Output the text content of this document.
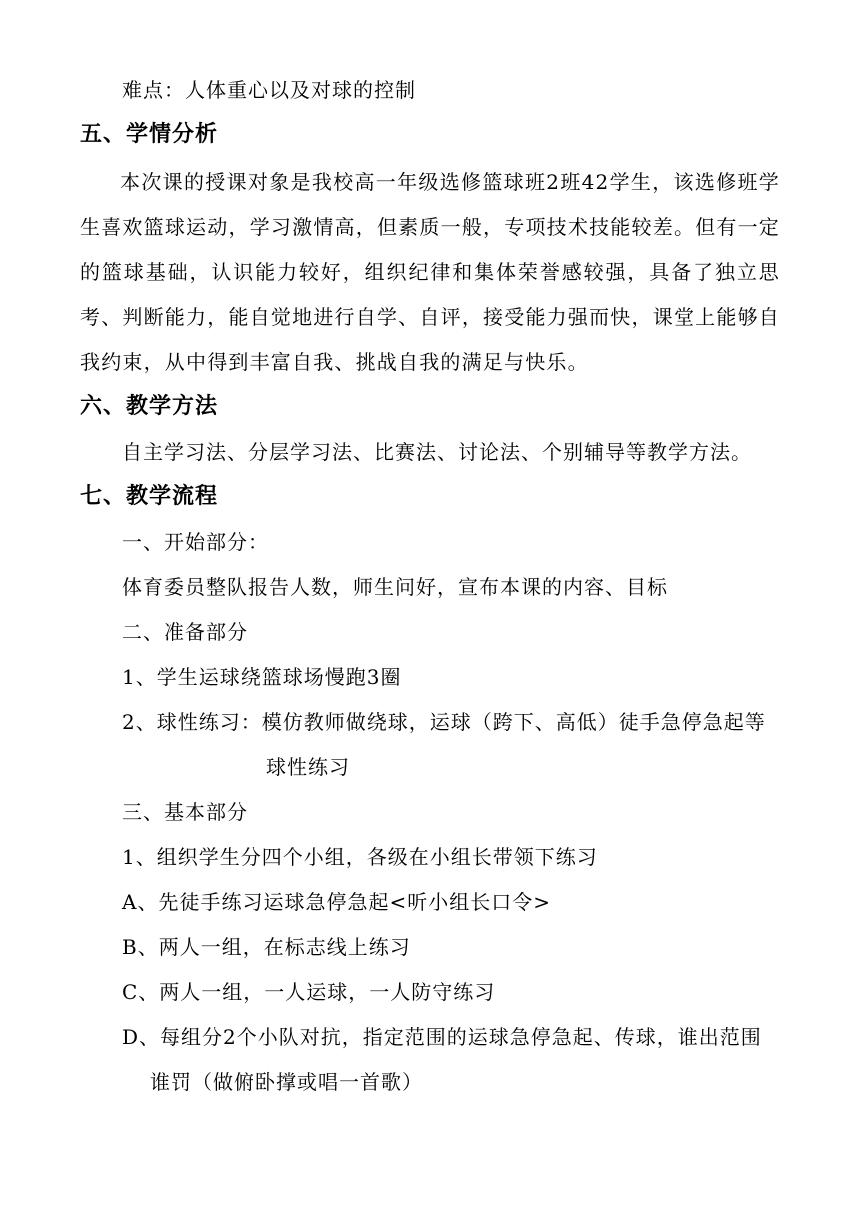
难点：人体重心以及对球的控制
五、学情分析
本次课的授课对象是我校高一年级选修篮球班2班42学生，该选修班学生喜欢篮球运动，学习激情高，但素质一般，专项技术技能较差。但有一定的篮球基础，认识能力较好，组织纪律和集体荣誉感较强，具备了独立思考、判断能力，能自觉地进行自学、自评，接受能力强而快，课堂上能够自我约束，从中得到丰富自我、挑战自我的满足与快乐。
六、教学方法
自主学习法、分层学习法、比赛法、讨论法、个别辅导等教学方法。
七、教学流程
一、开始部分：
体育委员整队报告人数，师生问好，宣布本课的内容、目标
二、准备部分
1、学生运球绕篮球场慢跑3圈
2、球性练习：模仿教师做绕球，运球（跨下、高低）徒手急停急起等
球性练习
三、基本部分
1、组织学生分四个小组，各级在小组长带领下练习
A、先徒手练习运球急停急起<听小组长口令>
B、两人一组，在标志线上练习
C、两人一组，一人运球，一人防守练习
D、每组分2个小队对抗，指定范围的运球急停急起、传球，谁出范围
谁罚（做俯卧撑或唱一首歌）
